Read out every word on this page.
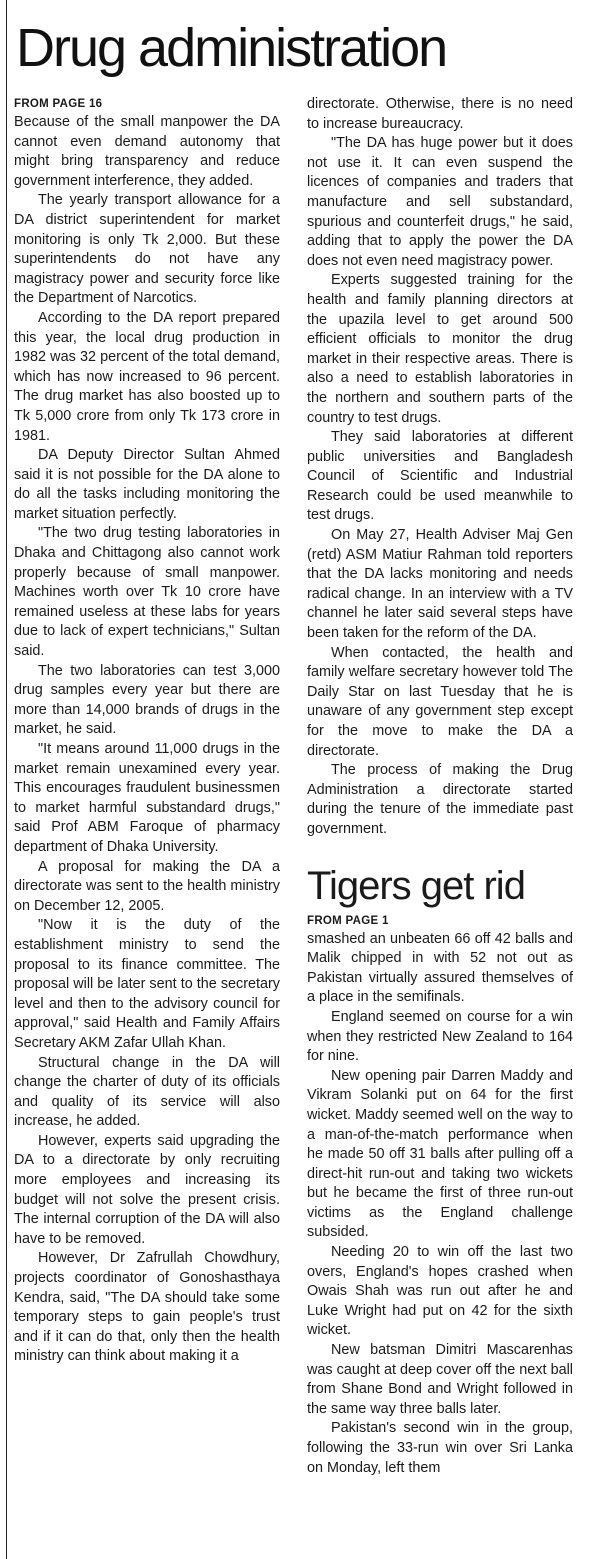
Drug administration

FROM PAGE 16

Because of the small manpower the DA cannot even demand autonomy that might bring transparency and reduce government interference, they added.

The yearly transport allowance for a DA district superintendent for market monitoring is only Tk 2,000. But these superintendents do not have any magistracy power and security force like the Department of Narcotics.

According to the DA report prepared this year, the local drug production in 1982 was 32 percent of the total demand, which has now increased to 96 percent. The drug market has also boosted up to Tk 5,000 crore from only Tk 173 crore in 1981.

DA Deputy Director Sultan Ahmed said it is not possible for the DA alone to do all the tasks including monitoring the market situation perfectly.

"The two drug testing laboratories in Dhaka and Chittagong also cannot work properly because of small manpower. Machines worth over Tk 10 crore have remained useless at these labs for years due to lack of expert technicians," Sultan said.

The two laboratories can test 3,000 drug samples every year but there are more than 14,000 brands of drugs in the market, he said.

"It means around 11,000 drugs in the market remain unexamined every year. This encourages fraudulent businessmen to market harmful substandard drugs," said Prof ABM Faroque of pharmacy department of Dhaka University.

A proposal for making the DA a directorate was sent to the health ministry on December 12, 2005.

"Now it is the duty of the establishment ministry to send the proposal to its finance committee. The proposal will be later sent to the secretary level and then to the advisory council for approval," said Health and Family Affairs Secretary AKM Zafar Ullah Khan.

Structural change in the DA will change the charter of duty of its officials and quality of its service will also increase, he added.

However, experts said upgrading the DA to a directorate by only recruiting more employees and increasing its budget will not solve the present crisis. The internal corruption of the DA will also have to be removed.

However, Dr Zafrullah Chowdhury, projects coordinator of Gonoshasthaya Kendra, said, "The DA should take some temporary steps to gain people's trust and if it can do that, only then the health ministry can think about making it a

directorate. Otherwise, there is no need to increase bureaucracy.

"The DA has huge power but it does not use it. It can even suspend the licences of companies and traders that manufacture and sell substandard, spurious and counterfeit drugs," he said, adding that to apply the power the DA does not even need magistracy power.

Experts suggested training for the health and family planning directors at the upazila level to get around 500 efficient officials to monitor the drug market in their respective areas. There is also a need to establish laboratories in the northern and southern parts of the country to test drugs.

They said laboratories at different public universities and Bangladesh Council of Scientific and Industrial Research could be used meanwhile to test drugs.

On May 27, Health Adviser Maj Gen (retd) ASM Matiur Rahman told reporters that the DA lacks monitoring and needs radical change. In an interview with a TV channel he later said several steps have been taken for the reform of the DA.

When contacted, the health and family welfare secretary however told The Daily Star on last Tuesday that he is unaware of any government step except for the move to make the DA a directorate.

The process of making the Drug Administration a directorate started during the tenure of the immediate past government.

Tigers get rid

FROM PAGE 1

smashed an unbeaten 66 off 42 balls and Malik chipped in with 52 not out as Pakistan virtually assured themselves of a place in the semifinals.

England seemed on course for a win when they restricted New Zealand to 164 for nine.

New opening pair Darren Maddy and Vikram Solanki put on 64 for the first wicket. Maddy seemed well on the way to a man-of-the-match performance when he made 50 off 31 balls after pulling off a direct-hit run-out and taking two wickets but he became the first of three run-out victims as the England challenge subsided.

Needing 20 to win off the last two overs, England's hopes crashed when Owais Shah was run out after he and Luke Wright had put on 42 for the sixth wicket.

New batsman Dimitri Mascarenhas was caught at deep cover off the next ball from Shane Bond and Wright followed in the same way three balls later.

Pakistan's second win in the group, following the 33-run win over Sri Lanka on Monday, left them
